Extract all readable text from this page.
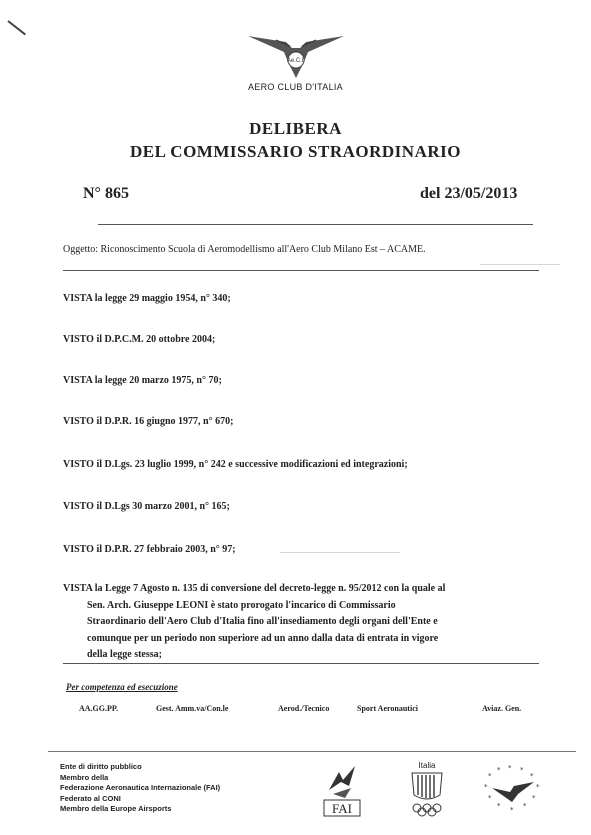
Ae.C.I.
AERO CLUB D'ITALIA
DELIBERA
DEL COMMISSARIO STRAORDINARIO
N° 865	del 23/05/2013
Oggetto: Riconoscimento Scuola di Aeromodellismo all'Aero Club Milano Est – ACAME.
VISTA la legge 29 maggio 1954, n° 340;
VISTO il D.P.C.M. 20 ottobre 2004;
VISTA la legge 20 marzo 1975, n° 70;
VISTO il D.P.R. 16 giugno 1977, n° 670;
VISTO il D.Lgs. 23 luglio 1999, n° 242 e successive modificazioni ed integrazioni;
VISTO il D.Lgs 30 marzo 2001, n° 165;
VISTO il D.P.R. 27 febbraio 2003, n° 97;
VISTA la Legge 7 Agosto n. 135 di conversione del decreto-legge n. 95/2012 con la quale al
Sen. Arch. Giuseppe LEONI è stato prorogato l'incarico di Commissario
Straordinario dell'Aero Club d'Italia fino all'insediamento degli organi dell'Ente e
comunque per un periodo non superiore ad un anno dalla data di entrata in vigore
della legge stessa;
Per competenza ed esecuzione
AA.GG.PP.	Gest. Amm.va/Con.le	Aerod./Tecnico	Sport Aeronautici	Aviaz. Gen.
Ente di diritto pubblico
Membro della
Federazione Aeronautica Internazionale (FAI)
Federato al CONI
Membro della Europe Airsports	FAI
Italia	* *
*
*
*
*
*
*
*
*
*
*
